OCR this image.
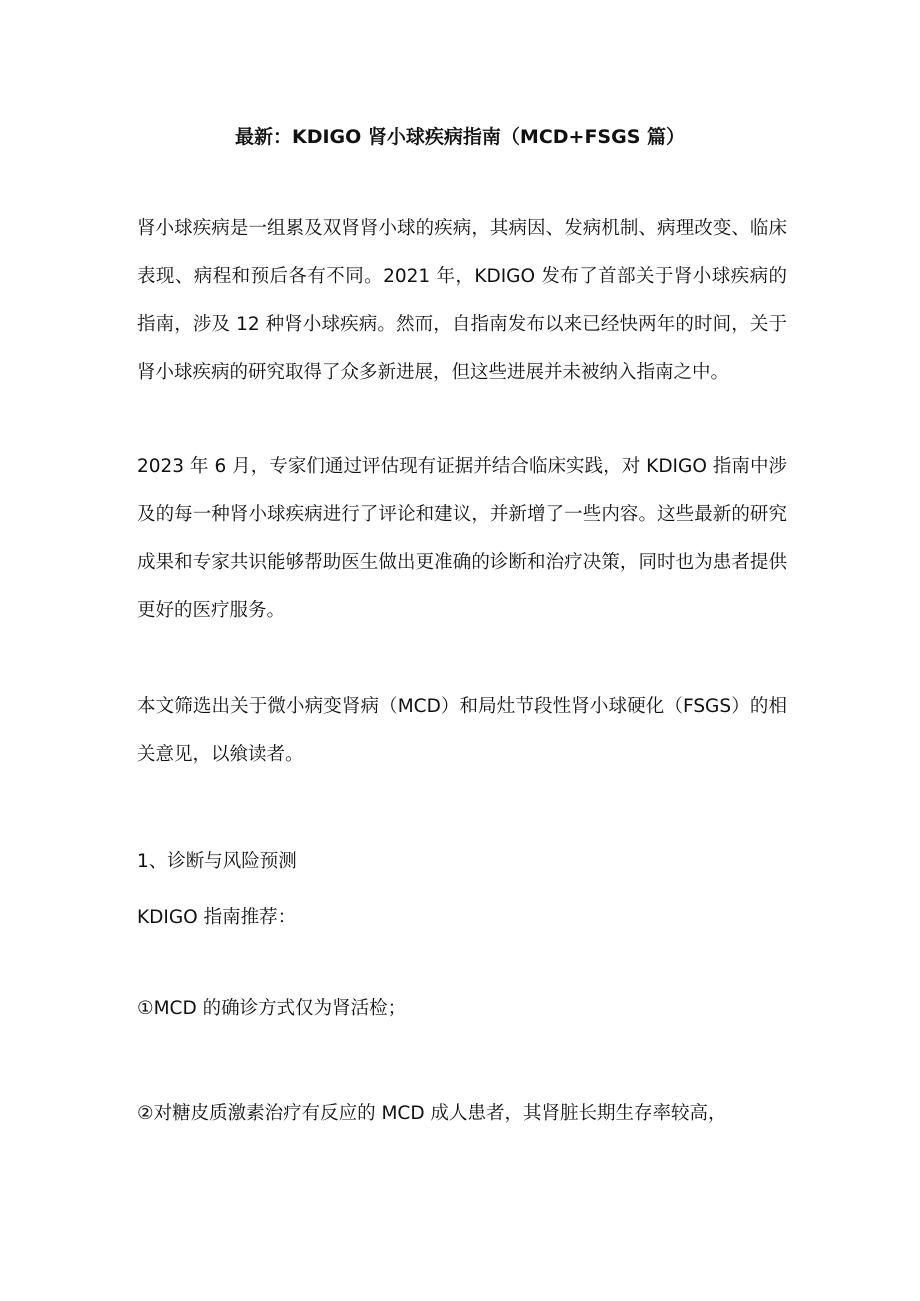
最新：KDIGO 肾小球疾病指南（MCD+FSGS 篇）

肾小球疾病是一组累及双肾肾小球的疾病，其病因、发病机制、病理改变、临床表现、病程和预后各有不同。2021 年，KDIGO 发布了首部关于肾小球疾病的指南，涉及 12 种肾小球疾病。然而，自指南发布以来已经快两年的时间，关于肾小球疾病的研究取得了众多新进展，但这些进展并未被纳入指南之中。

2023 年 6 月，专家们通过评估现有证据并结合临床实践，对 KDIGO 指南中涉及的每一种肾小球疾病进行了评论和建议，并新增了一些内容。这些最新的研究成果和专家共识能够帮助医生做出更准确的诊断和治疗决策，同时也为患者提供更好的医疗服务。

本文筛选出关于微小病变肾病（MCD）和局灶节段性肾小球硬化（FSGS）的相关意见，以飨读者。

1、诊断与风险预测
KDIGO 指南推荐：
①MCD 的确诊方式仅为肾活检；
②对糖皮质激素治疗有反应的 MCD 成人患者，其肾脏长期生存率较高，
